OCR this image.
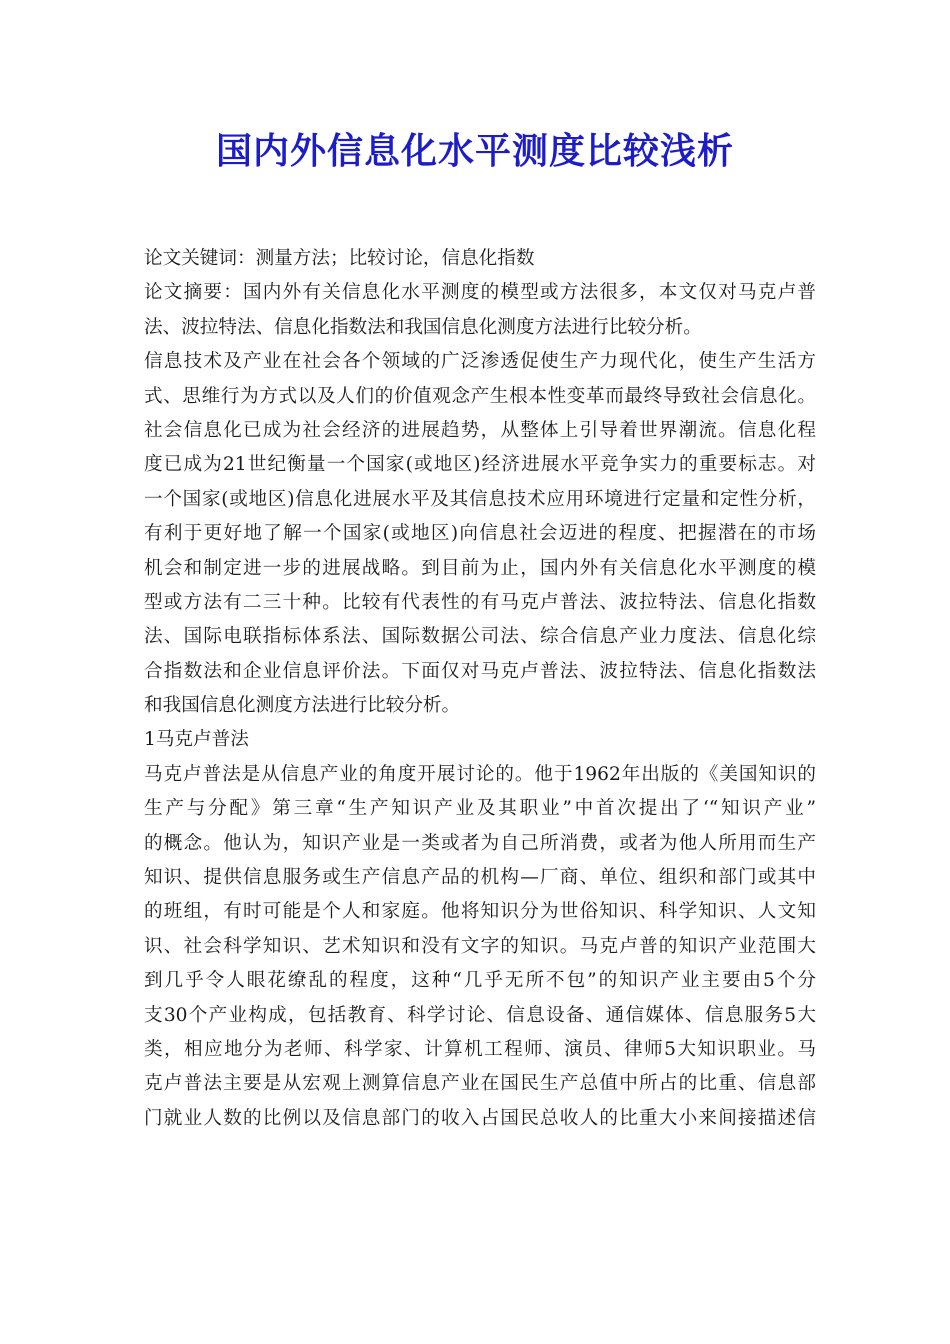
国内外信息化水平测度比较浅析
论文关键词：测量方法；比较讨论，信息化指数
论文摘要：国内外有关信息化水平测度的模型或方法很多，本文仅对马克卢普
法、波拉特法、信息化指数法和我国信息化测度方法进行比较分析。
信息技术及产业在社会各个领域的广泛渗透促使生产力现代化，使生产生活方
式、思维行为方式以及人们的价值观念产生根本性变革而最终导致社会信息化。
社会信息化已成为社会经济的进展趋势，从整体上引导着世界潮流。信息化程
度已成为21世纪衡量一个国家(或地区)经济进展水平竞争实力的重要标志。对
一个国家(或地区)信息化进展水平及其信息技术应用环境进行定量和定性分析，
有利于更好地了解一个国家(或地区)向信息社会迈进的程度、把握潜在的市场
机会和制定进一步的进展战略。到目前为止，国内外有关信息化水平测度的模
型或方法有二三十种。比较有代表性的有马克卢普法、波拉特法、信息化指数
法、国际电联指标体系法、国际数据公司法、综合信息产业力度法、信息化综
合指数法和企业信息评价法。下面仅对马克卢普法、波拉特法、信息化指数法
和我国信息化测度方法进行比较分析。
1马克卢普法
马克卢普法是从信息产业的角度开展讨论的。他于1962年出版的《美国知识的
生产与分配》第三章“生产知识产业及其职业”中首次提出了‘“知识产业”
的概念。他认为，知识产业是一类或者为自己所消费，或者为他人所用而生产
知识、提供信息服务或生产信息产品的机构—厂商、单位、组织和部门或其中
的班组，有时可能是个人和家庭。他将知识分为世俗知识、科学知识、人文知
识、社会科学知识、艺术知识和没有文字的知识。马克卢普的知识产业范围大
到几乎令人眼花缭乱的程度，这种“几乎无所不包”的知识产业主要由5个分
支30个产业构成，包括教育、科学讨论、信息设备、通信媒体、信息服务5大
类，相应地分为老师、科学家、计算机工程师、演员、律师5大知识职业。马
克卢普法主要是从宏观上测算信息产业在国民生产总值中所占的比重、信息部
门就业人数的比例以及信息部门的收入占国民总收人的比重大小来间接描述信
